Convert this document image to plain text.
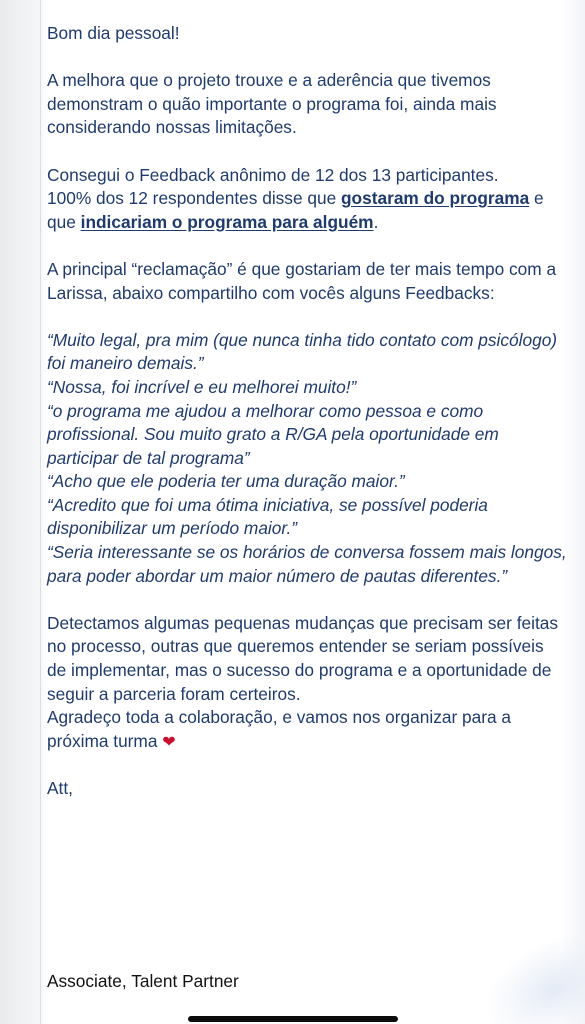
Bom dia pessoal!

A melhora que o projeto trouxe e a aderência que tivemos demonstram o quão importante o programa foi, ainda mais considerando nossas limitações.

Consegui o Feedback anônimo de 12 dos 13 participantes.

100% dos 12 respondentes disse que gostaram do programa e que indicariam o programa para alguém.

A principal “reclamação” é que gostariam de ter mais tempo com a Larissa, abaixo compartilho com vocês alguns Feedbacks:

“Muito legal, pra mim (que nunca tinha tido contato com psicólogo) foi maneiro demais.”

“Nossa, foi incrível e eu melhorei muito!”

“o programa me ajudou a melhorar como pessoa e como profissional. Sou muito grato a R/GA pela oportunidade em participar de tal programa”

“Acho que ele poderia ter uma duração maior.”

“Acredito que foi uma ótima iniciativa, se possível poderia disponibilizar um período maior.”

“Seria interessante se os horários de conversa fossem mais longos, para poder abordar um maior número de pautas diferentes.”

Detectamos algumas pequenas mudanças que precisam ser feitas no processo, outras que queremos entender se seriam possíveis de implementar, mas o sucesso do programa e a oportunidade de seguir a parceria foram certeiros.

Agradeço toda a colaboração, e vamos nos organizar para a próxima turma ❤

Att,

Associate, Talent Partner
